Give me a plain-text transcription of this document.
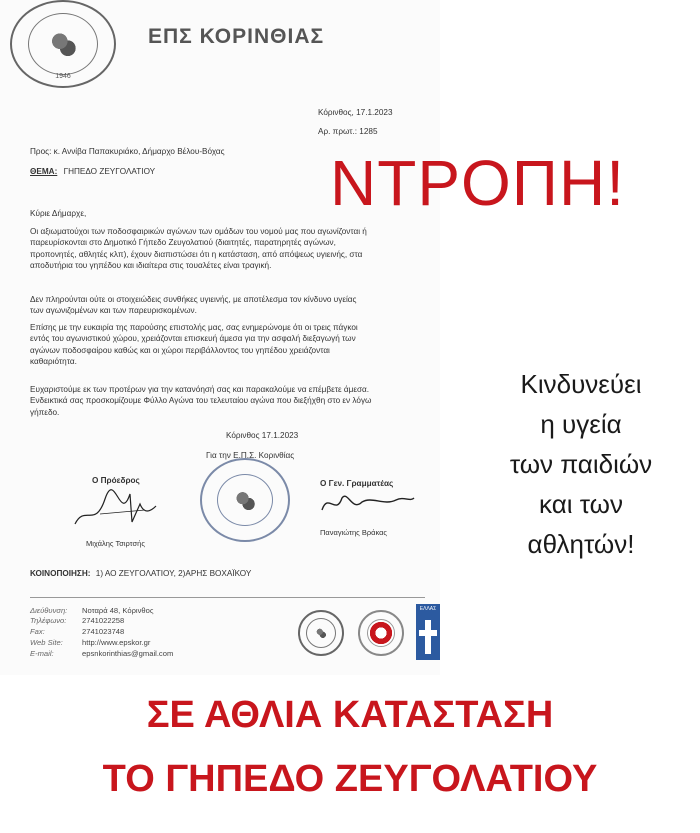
1946
ΕΠΣ ΚΟΡΙΝΘΙΑΣ
Κόρινθος, 17.1.2023
Αρ. πρωτ.: 1285
Προς: κ. Αννίβα Παπακυριάκο, Δήμαρχο Βέλου-Βόχας
ΘΕΜΑ: ΓΗΠΕΔΟ ΖΕΥΓΟΛΑΤΙΟΥ
Κύριε Δήμαρχε,
Οι αξιωματούχοι των ποδοσφαιρικών αγώνων των ομάδων του νομού μας που αγωνίζονται ή
παρευρίσκονται στο Δημοτικό Γήπεδο Ζευγολατιού (διαιτητές, παρατηρητές αγώνων,
προπονητές, αθλητές κλπ), έχουν διαπιστώσει ότι η κατάσταση, από απόψεως υγιεινής, στα
αποδυτήρια του γηπέδου και ιδιαίτερα στις τουαλέτες είναι τραγική.
Δεν πληρούνται ούτε οι στοιχειώδεις συνθήκες υγιεινής, με αποτέλεσμα τον κίνδυνο υγείας
των αγωνιζομένων και των παρευρισκομένων.
Επίσης με την ευκαιρία της παρούσης επιστολής μας, σας ενημερώνομε ότι οι τρεις πάγκοι
εντός του αγωνιστικού χώρου, χρειάζονται επισκευή άμεσα για την ασφαλή διεξαγωγή των
αγώνων ποδοσφαίρου καθώς και οι χώροι περιβάλλοντος του γηπέδου χρειάζονται
καθαριότητα.
Ευχαριστούμε εκ των προτέρων για την κατανόησή σας και παρακαλούμε να επέμβετε άμεσα.
Ενδεικτικά σας προσκομίζουμε Φύλλο Αγώνα του τελευταίου αγώνα που διεξήχθη στο εν λόγω
γήπεδο.
Κόρινθος 17.1.2023
Για την Ε.Π.Σ. Κορινθίας
Ο Πρόεδρος	Ο Γεν. Γραμματέας
Μιχάλης Τσιρτσής
Παναγιώτης Βράκας
ΚΟΙΝΟΠΟΙΗΣΗ: 1) ΑΟ ΖΕΥΓΟΛΑΤΙΟΥ, 2)ΑΡΗΣ ΒΟΧΑΪΚΟΥ
Διεύθυνση:
Τηλέφωνο:
Fax:
Web Site:
E-mail:
Νοταρά 48, Κόρινθος
2741022258
2741023748
http://www.epskor.gr
epsnkorinthias@gmail.com
ΕΛΛΑΣ
ΝΤΡΟΠΗ!
Κινδυνεύει
η υγεία
των παιδιών
και των
αθλητών!
ΣΕ ΑΘΛΙΑ ΚΑΤΑΣΤΑΣΗ
ΤΟ ΓΗΠΕΔΟ ΖΕΥΓΟΛΑΤΙΟΥ
